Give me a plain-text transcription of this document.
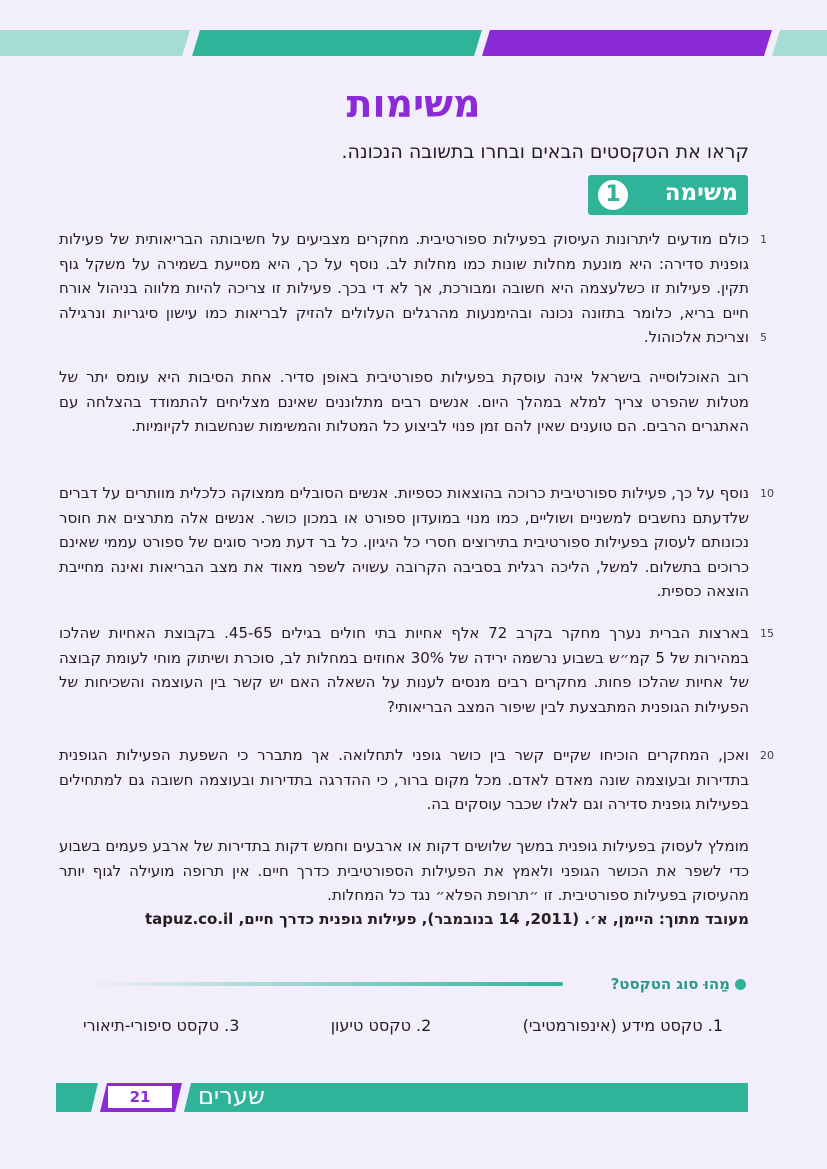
משימות
קראו את הטקסטים הבאים ובחרו בתשובה הנכונה.
משימה
1
1
5
10
15
20

כולם מודעים ליתרונות העיסוק בפעילות ספורטיבית. מחקרים מצביעים על חשיבותה הבריאותית של פעילות גופנית סדירה: היא מונעת מחלות שונות כמו מחלות לב. נוסף על כך, היא מסייעת בשמירה על משקל גוף תקין. פעילות זו כשלעצמה היא חשובה ומבורכת, אך לא די בכך. פעילות זו צריכה להיות מלווה בניהול אורח חיים בריא, כלומר בתזונה נכונה ובהימנעות מהרגלים העלולים להזיק לבריאות כמו עישון סיגריות ונרגילה וצריכת אלכוהול.

רוב האוכלוסייה בישראל אינה עוסקת בפעילות ספורטיבית באופן סדיר. אחת הסיבות היא עומס יתר של מטלות שהפרט צריך למלא במהלך היום. אנשים רבים מתלוננים שאינם מצליחים להתמודד בהצלחה עם האתגרים הרבים. הם טוענים שאין להם זמן פנוי לביצוע כל המטלות והמשימות שנחשבות לקיומיות.

נוסף על כך, פעילות ספורטיבית כרוכה בהוצאות כספיות. אנשים הסובלים ממצוקה כלכלית מוותרים על דברים שלדעתם נחשבים למשניים ושוליים, כמו מנוי במועדון ספורט או במכון כושר. אנשים אלה מתרצים את חוסר נכונותם לעסוק בפעילות ספורטיבית בתירוצים חסרי כל היגיון. כל בר דעת מכיר סוגים של ספורט עממי שאינם כרוכים בתשלום. למשל, הליכה רגלית בסביבה הקרובה עשויה לשפר מאוד את מצב הבריאות ואינה מחייבת הוצאה כספית.

בארצות הברית נערך מחקר בקרב 72 אלף אחיות בתי חולים בגילים 45-65. בקבוצת האחיות שהלכו במהירות של 5 קמ״ש בשבוע נרשמה ירידה של 30% אחוזים במחלות לב, סוכרת ושיתוק מוחי לעומת קבוצה של אחיות שהלכו פחות. מחקרים רבים מנסים לענות על השאלה האם יש קשר בין העוצמה והשכיחות של הפעילות הגופנית המתבצעת לבין שיפור המצב הבריאותי?

ואכן, המחקרים הוכיחו שקיים קשר בין כושר גופני לתחלואה. אך מתברר כי השפעת הפעילות הגופנית בתדירות ובעוצמה שונה מאדם לאדם. מכל מקום ברור, כי ההדרגה בתדירות ובעוצמה חשובה גם למתחילים בפעילות גופנית סדירה וגם לאלו שכבר עוסקים בה.

מומלץ לעסוק בפעילות גופנית במשך שלושים דקות או ארבעים וחמש דקות בתדירות של ארבע פעמים בשבוע כדי לשפר את הכושר הגופני ולאמץ את הפעילות הספורטיבית כדרך חיים. אין תרופה מועילה לגוף יותר מהעיסוק בפעילות ספורטיבית. זו ״תרופת הפלא״ נגד כל המחלות.

מעובד מתוך: היימן, א׳. (2011, 14 בנובמבר), פעילות גופנית כדרך חיים, tapuz.co.il
מַהוּ סוג הטקסט?
1. טקסט מידע (אינפורמטיבי)
2. טקסט טיעון
3. טקסט סיפורי-תיאורי
21	שערים
